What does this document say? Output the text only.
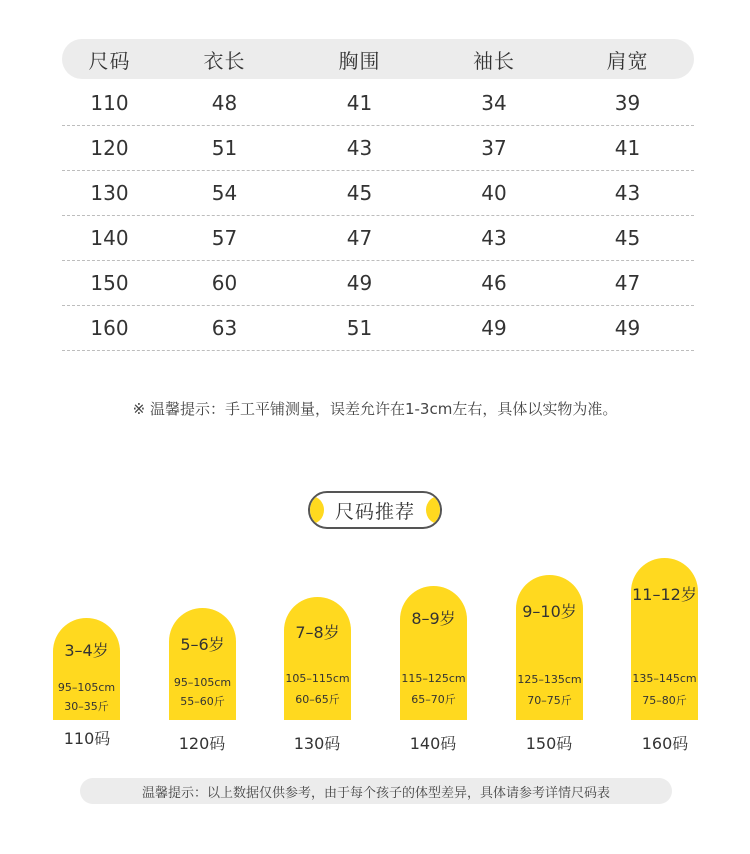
尺码	衣长	胸围	袖长	肩宽
110	48	41	34	39
120	51	43	37	41
130	54	45	40	43
140	57	47	43	45
150	60	49	46	47
160	63	51	49	49
※ 温馨提示：手工平铺测量，误差允许在1-3cm左右，具体以实物为准。
尺码推荐
3–4岁
95–105cm
30–35斤
110码
5–6岁
95–105cm
55–60斤
120码
7–8岁
105–115cm
60–65斤
130码
8–9岁
115–125cm
65–70斤
140码
9–10岁
125–135cm
70–75斤
150码
11–12岁
135–145cm
75–80斤
160码
温馨提示：以上数据仅供参考，由于每个孩子的体型差异，具体请参考详情尺码表
